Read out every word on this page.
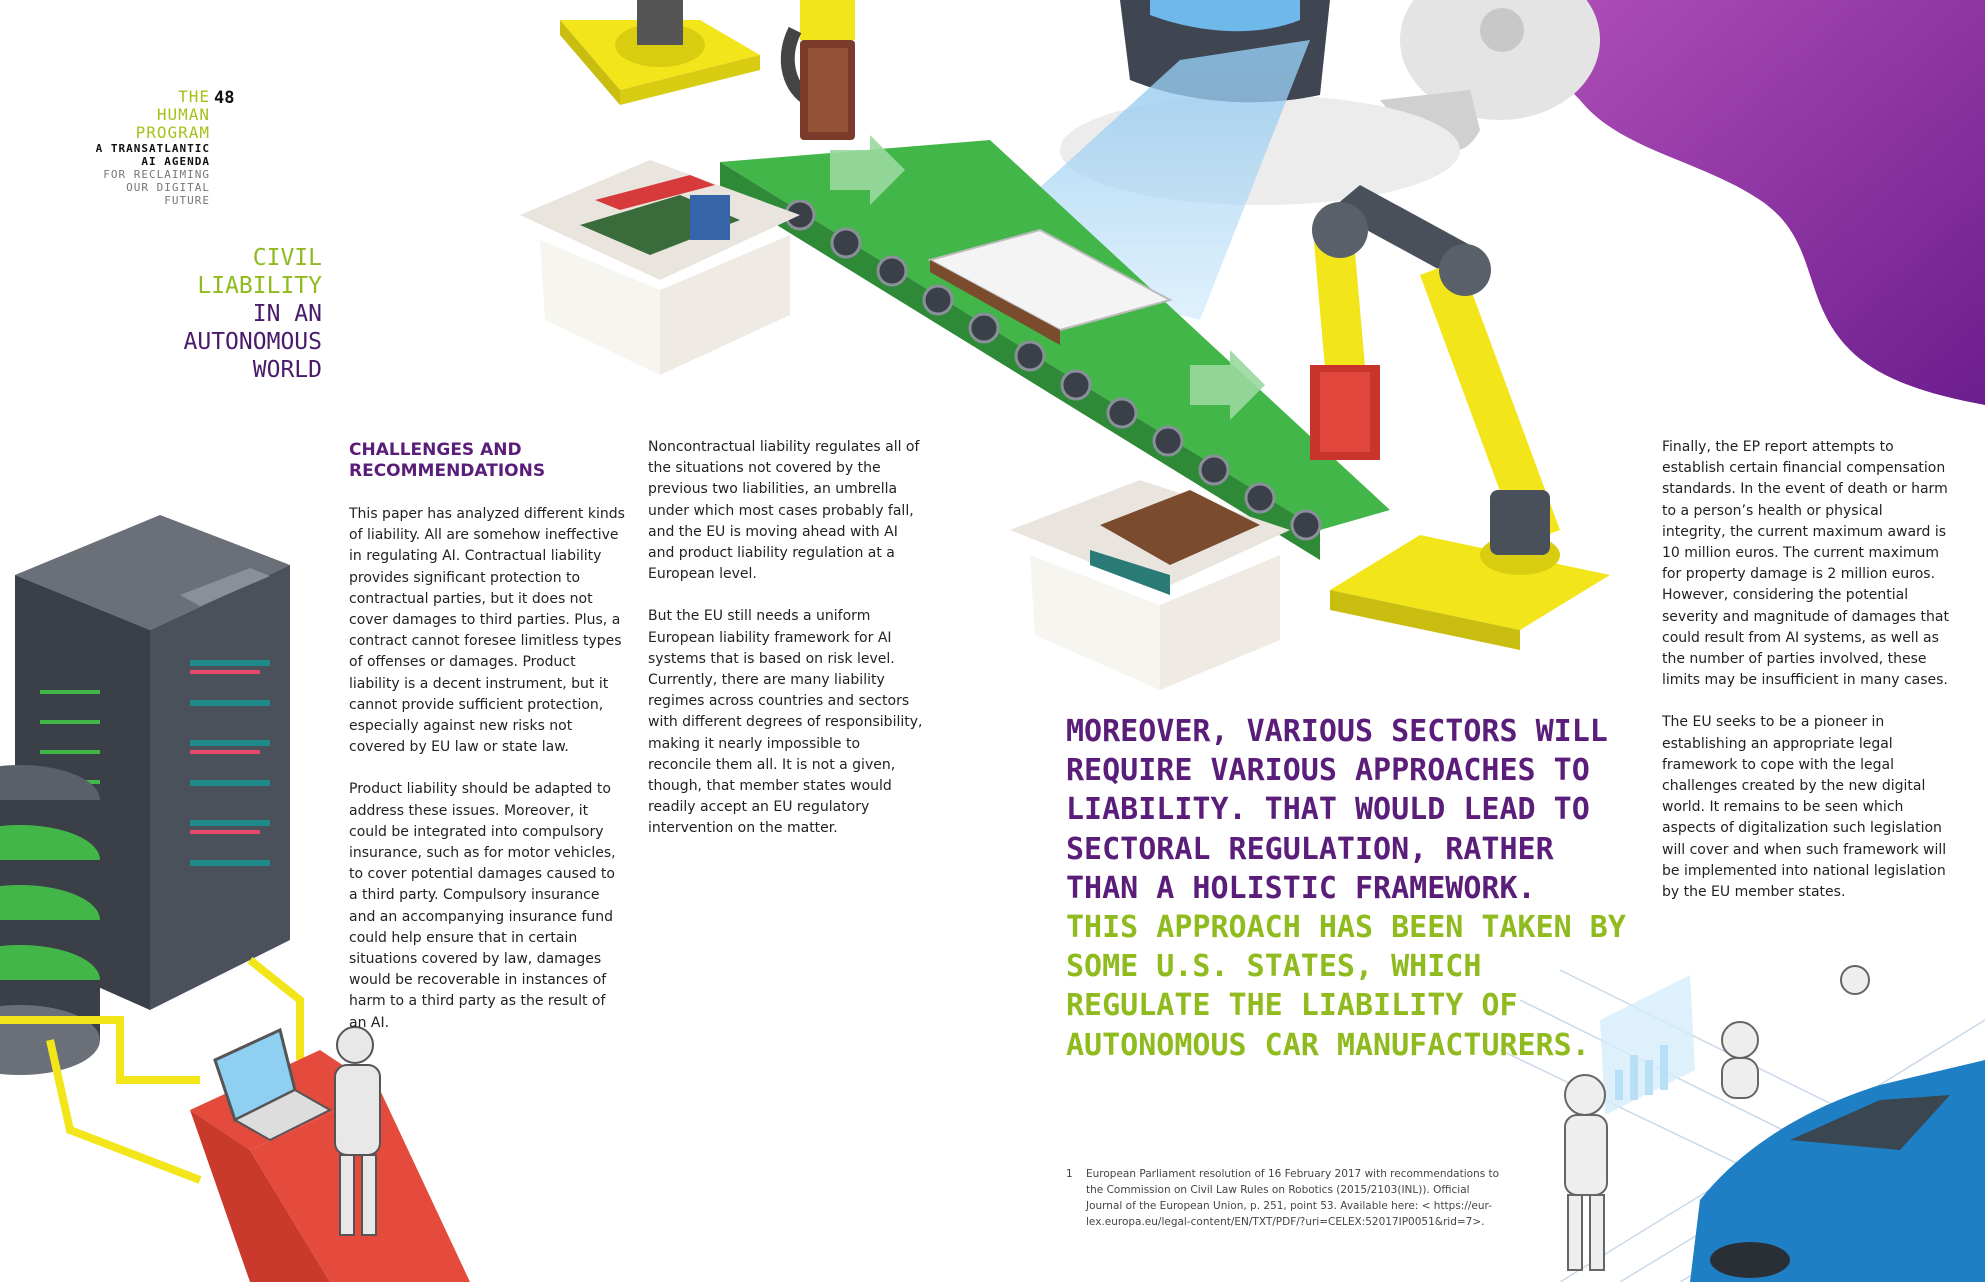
THE
HUMAN
PROGRAM
A TRANSATLANTIC
AI AGENDA
FOR RECLAIMING
OUR DIGITAL
FUTURE
48
CIVIL
LIABILITY
IN AN
AUTONOMOUS
WORLD
CHALLENGES AND RECOMMENDATIONS

This paper has analyzed different kinds of liability. All are somehow ineffective in regulating AI. Contractual liability provides significant protection to contractual parties, but it does not cover damages to third parties. Plus, a contract cannot foresee limitless types of offenses or damages. Product liability is a decent instrument, but it cannot provide sufficient protection, especially against new risks not covered by EU law or state law.

Product liability should be adapted to address these issues. Moreover, it could be integrated into compulsory insurance, such as for motor vehicles, to cover potential damages caused to a third party. Compulsory insurance and an accompanying insurance fund could help ensure that in certain situations covered by law, damages would be recoverable in instances of harm to a third party as the result of an AI.

Noncontractual liability regulates all of the situations not covered by the previous two liabilities, an umbrella under which most cases probably fall, and the EU is moving ahead with AI and product liability regulation at a European level.

But the EU still needs a uniform European liability framework for AI systems that is based on risk level. Currently, there are many liability regimes across countries and sectors with different degrees of responsibility, making it nearly impossible to reconcile them all. It is not a given, though, that member states would readily accept an EU regulatory intervention on the matter.

Finally, the EP report attempts to establish certain financial compensation standards. In the event of death or harm to a person’s health or physical integrity, the current maximum award is 10 million euros. The current maximum for property damage is 2 million euros. However, considering the potential severity and magnitude of damages that could result from AI systems, as well as the number of parties involved, these limits may be insufficient in many cases.

The EU seeks to be a pioneer in establishing an appropriate legal framework to cope with the legal challenges created by the new digital world. It remains to be seen which aspects of digitalization such legislation will cover and when such framework will be implemented into national legislation by the EU member states.

MOREOVER, VARIOUS SECTORS WILL REQUIRE VARIOUS APPROACHES TO LIABILITY. THAT WOULD LEAD TO SECTORAL REGULATION, RATHER THAN A HOLISTIC FRAMEWORK.
THIS APPROACH HAS BEEN TAKEN BY SOME U.S. STATES, WHICH REGULATE THE LIABILITY OF AUTONOMOUS CAR MANUFACTURERS.
1 European Parliament resolution of 16 February 2017 with recommendations to the Commission on Civil Law Rules on Robotics (2015/2103(INL)). Official Journal of the European Union, p. 251, point 53. Available here: < https://eur-lex.europa.eu/legal-content/EN/TXT/PDF/?uri=CELEX:52017IP0051&rid=7>.
